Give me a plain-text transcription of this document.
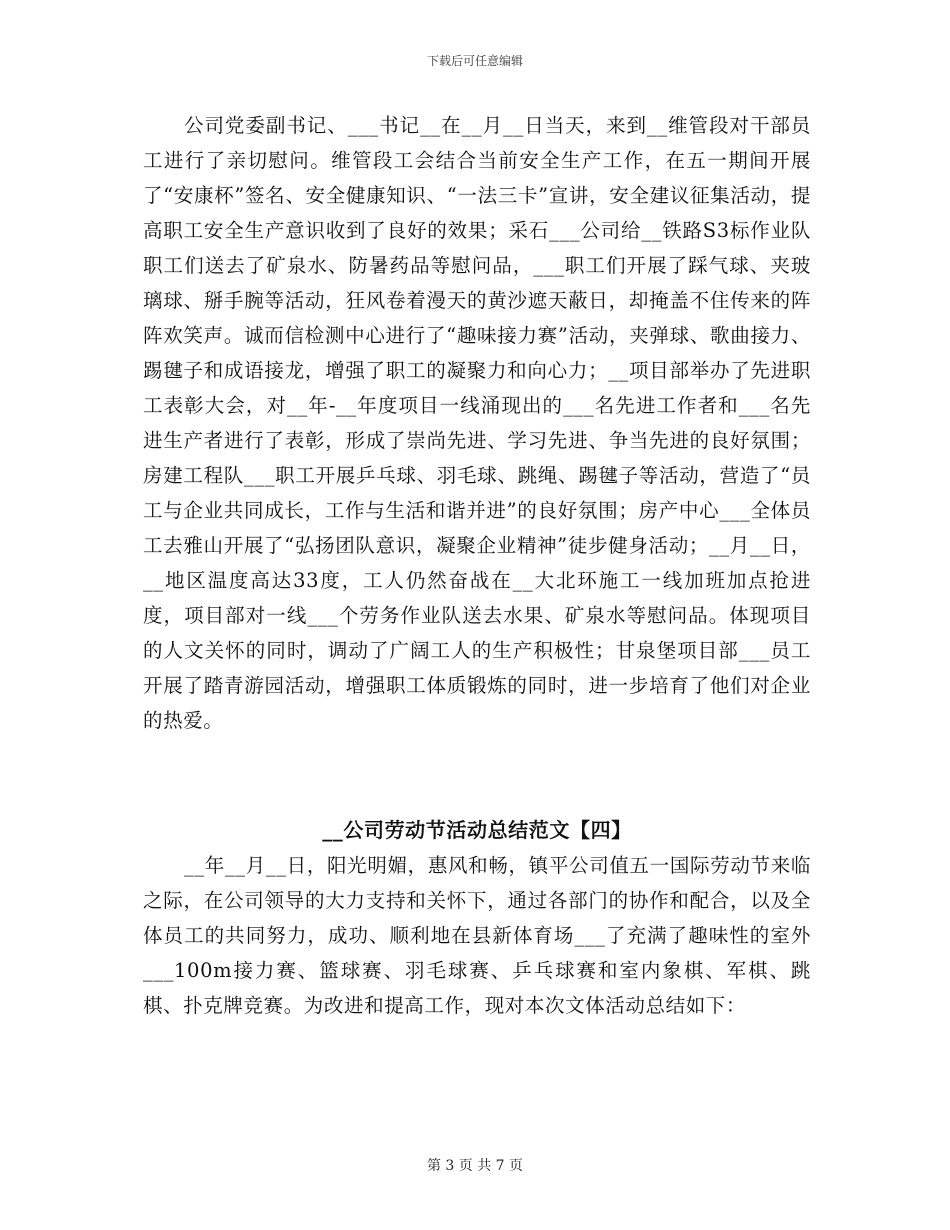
下载后可任意编辑

公司党委副书记、___书记__在__月__日当天，来到__维管段对干部员工进行了亲切慰问。维管段工会结合当前安全生产工作，在五一期间开展了“安康杯”签名、安全健康知识、“一法三卡”宣讲，安全建议征集活动，提高职工安全生产意识收到了良好的效果；采石___公司给__铁路S3标作业队职工们送去了矿泉水、防暑药品等慰问品，___职工们开展了踩气球、夹玻璃球、掰手腕等活动，狂风卷着漫天的黄沙遮天蔽日，却掩盖不住传来的阵阵欢笑声。诚而信检测中心进行了“趣味接力赛”活动，夹弹球、歌曲接力、踢毽子和成语接龙，增强了职工的凝聚力和向心力；__项目部举办了先进职工表彰大会，对__年-__年度项目一线涌现出的___名先进工作者和___名先进生产者进行了表彰，形成了崇尚先进、学习先进、争当先进的良好氛围；房建工程队___职工开展乒乓球、羽毛球、跳绳、踢毽子等活动，营造了“员工与企业共同成长，工作与生活和谐并进”的良好氛围；房产中心___全体员工去雅山开展了“弘扬团队意识，凝聚企业精神”徒步健身活动；__月__日，__地区温度高达33度，工人仍然奋战在__大北环施工一线加班加点抢进度，项目部对一线___个劳务作业队送去水果、矿泉水等慰问品。体现项目的人文关怀的同时，调动了广阔工人的生产积极性；甘泉堡项目部___员工开展了踏青游园活动，增强职工体质锻炼的同时，进一步培育了他们对企业的热爱。

__公司劳动节活动总结范文【四】

__年__月__日，阳光明媚，惠风和畅，镇平公司值五一国际劳动节来临之际，在公司领导的大力支持和关怀下，通过各部门的协作和配合，以及全体员工的共同努力，成功、顺利地在县新体育场___了充满了趣味性的室外___100m接力赛、篮球赛、羽毛球赛、乒乓球赛和室内象棋、军棋、跳棋、扑克牌竞赛。为改进和提高工作，现对本次文体活动总结如下：

第 3 页 共 7 页
